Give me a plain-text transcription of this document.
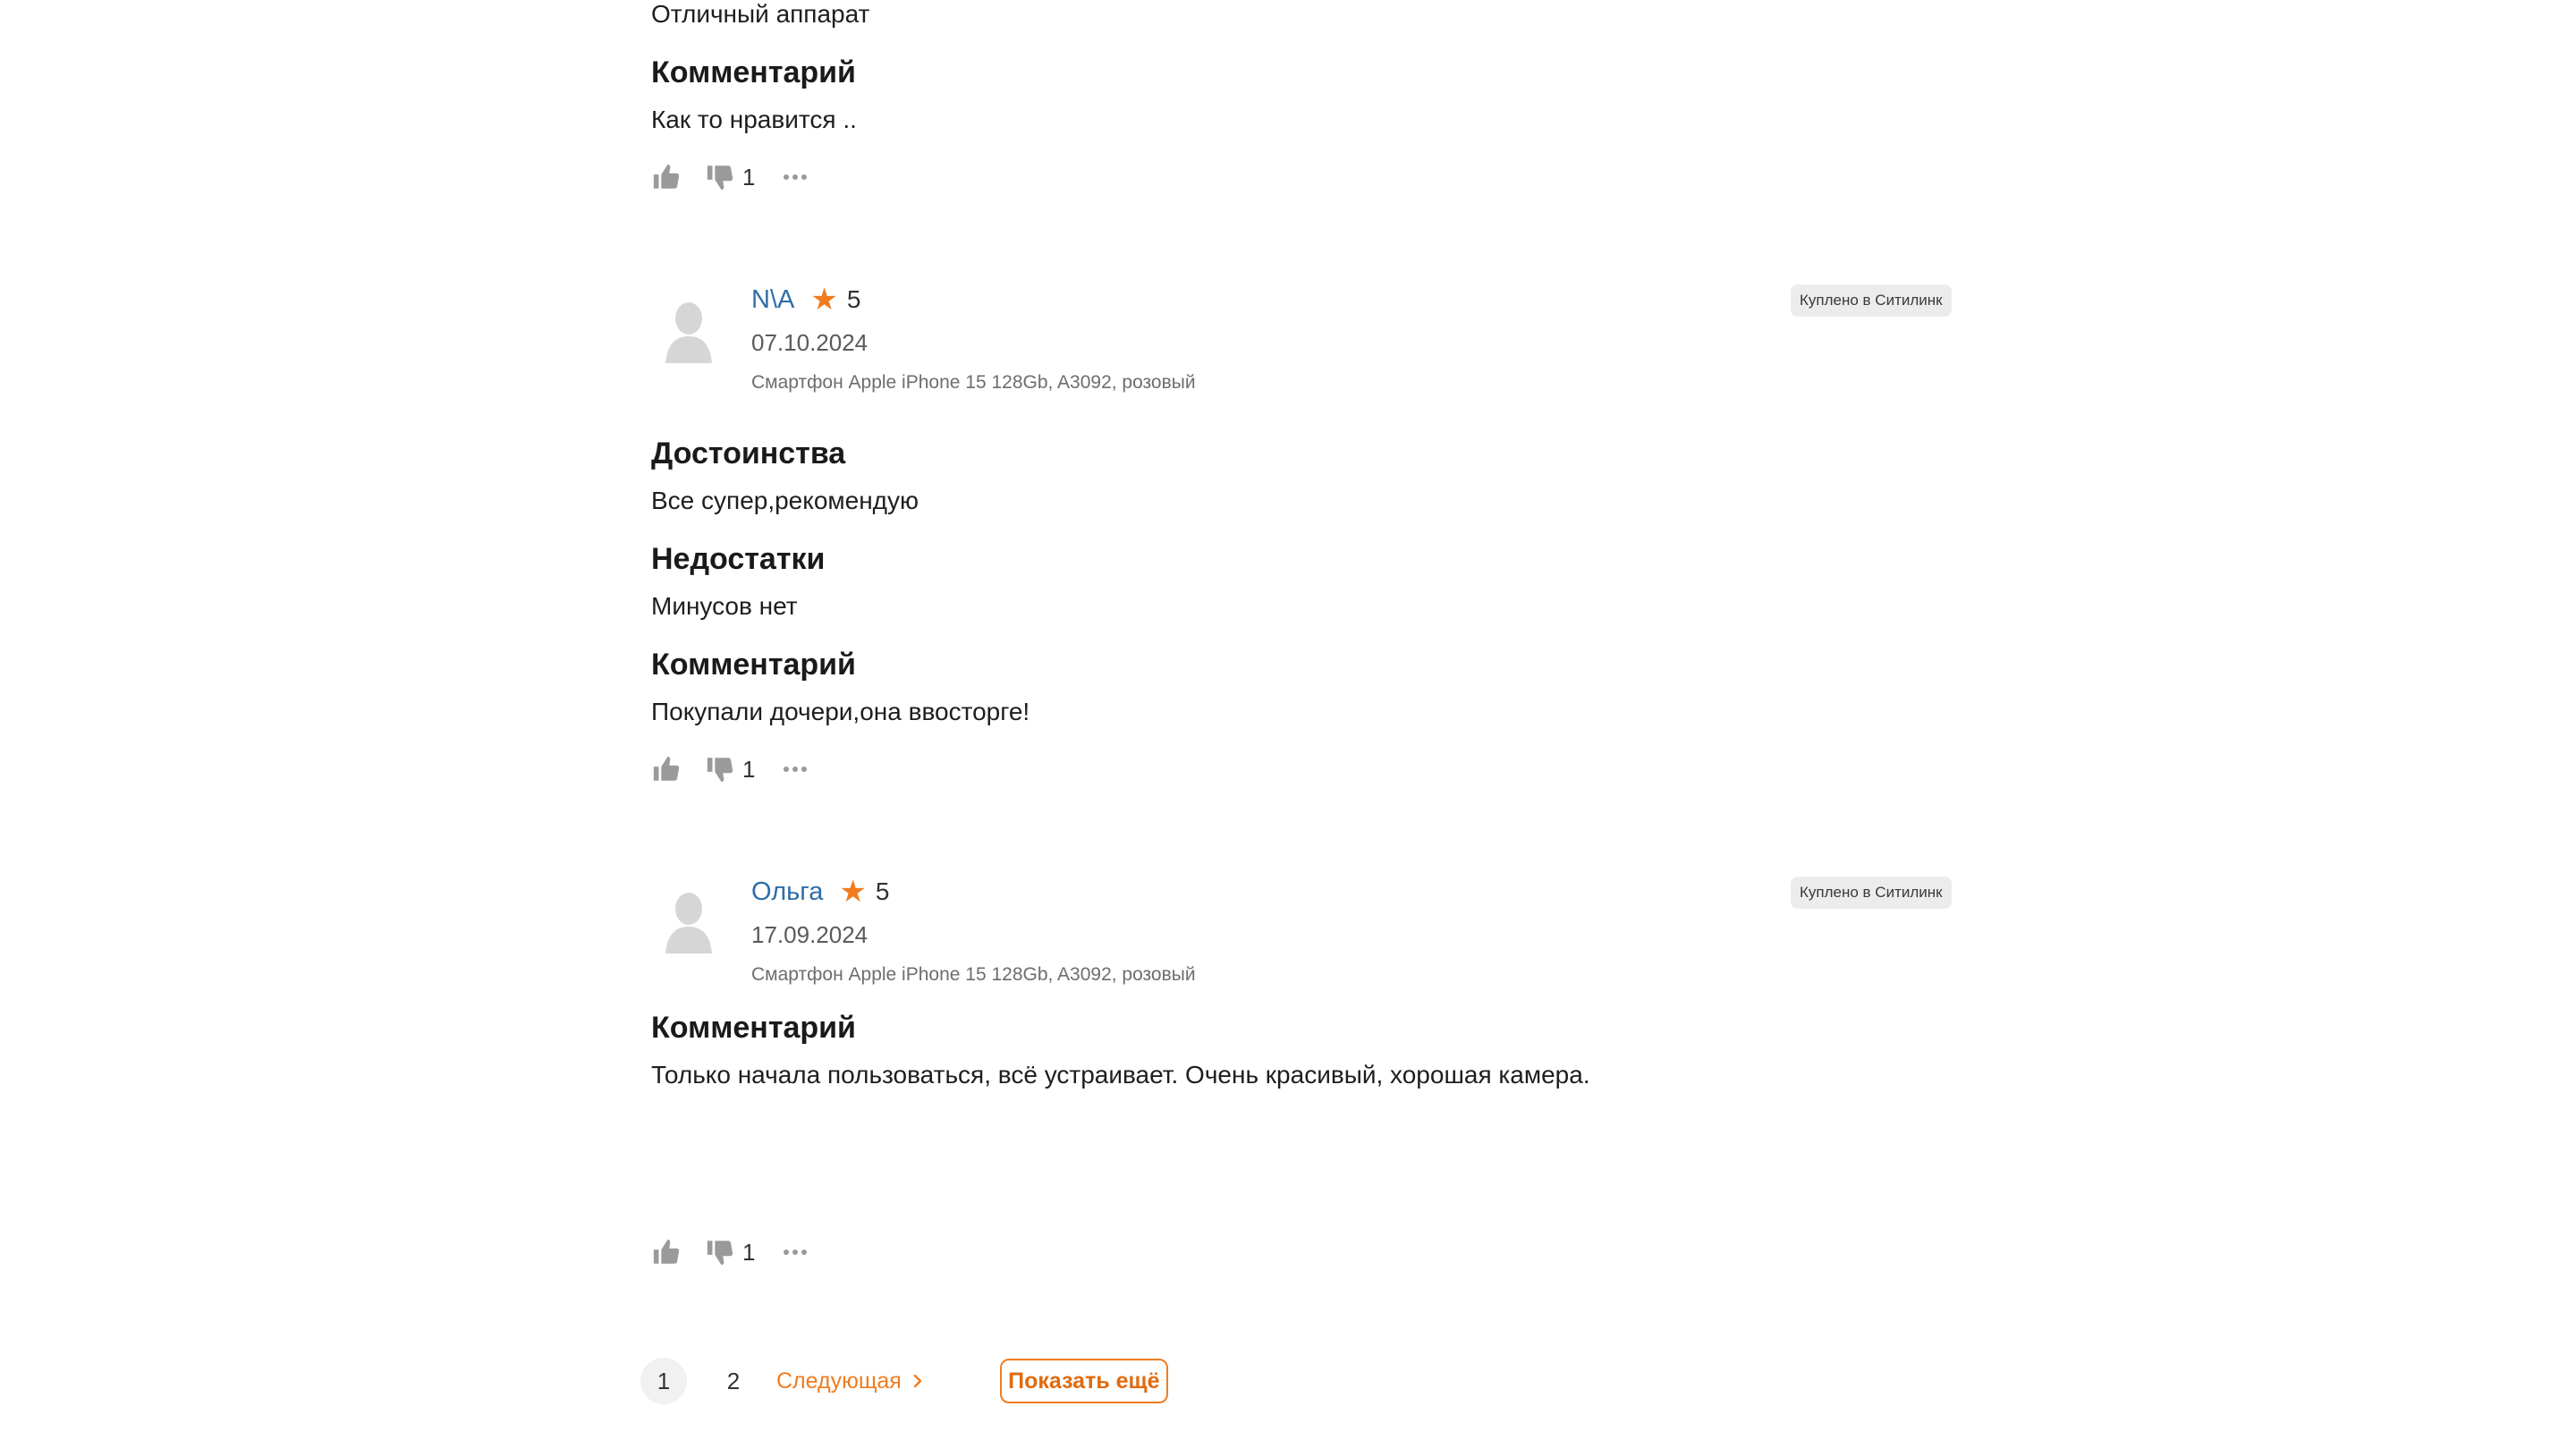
Отличный аппарат
Комментарий
Как то нравится ..
1
N\A ★ 5
07.10.2024
Смартфон Apple iPhone 15 128Gb, A3092, розовый
Куплено в Ситилинк
Достоинства
Все супер,рекомендую
Недостатки
Минусов нет
Комментарий
Покупали дочери,она ввосторге!
1
Ольга ★ 5
17.09.2024
Смартфон Apple iPhone 15 128Gb, A3092, розовый
Куплено в Ситилинк
Комментарий
Только начала пользоваться, всё устраивает. Очень красивый, хорошая камера.
1
1	2	Следующая	Показать ещё
